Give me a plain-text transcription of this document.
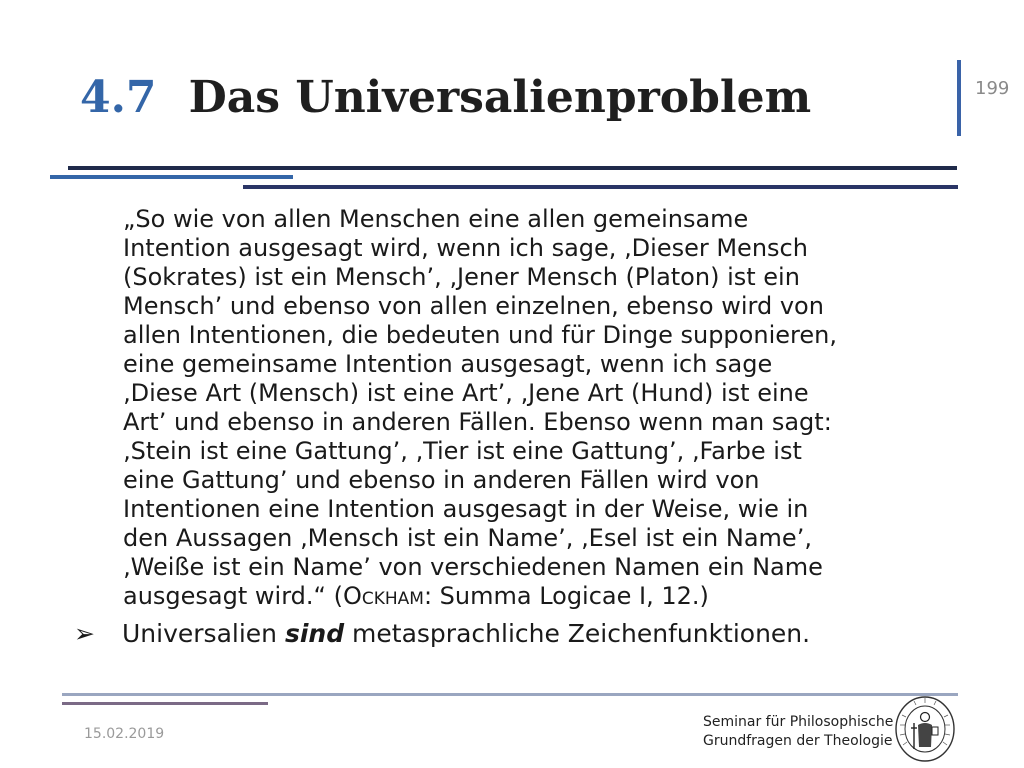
4.7 Das Universalienproblem	199

„So wie von allen Menschen eine allen gemeinsame

Intention ausgesagt wird, wenn ich sage, ‚Dieser Mensch

(Sokrates) ist ein Mensch’, ‚Jener Mensch (Platon) ist ein

Mensch’ und ebenso von allen einzelnen, ebenso wird von

allen Intentionen, die bedeuten und für Dinge supponieren,

eine gemeinsame Intention ausgesagt, wenn ich sage

‚Diese Art (Mensch) ist eine Art’, ‚Jene Art (Hund) ist eine

Art’ und ebenso in anderen Fällen. Ebenso wenn man sagt:

‚Stein ist eine Gattung’, ‚Tier ist eine Gattung’, ‚Farbe ist

eine Gattung’ und ebenso in anderen Fällen wird von

Intentionen eine Intention ausgesagt in der Weise, wie in

den Aussagen ‚Mensch ist ein Name’, ‚Esel ist ein Name’,

‚Weiße ist ein Name’ von verschiedenen Namen ein Name

ausgesagt wird.“ (Ockham: Summa Logicae I, 12.)

➢ Universalien sind metasprachliche Zeichenfunktionen.
15.02.2019
Seminar für Philosophische
Grundfragen der Theologie
